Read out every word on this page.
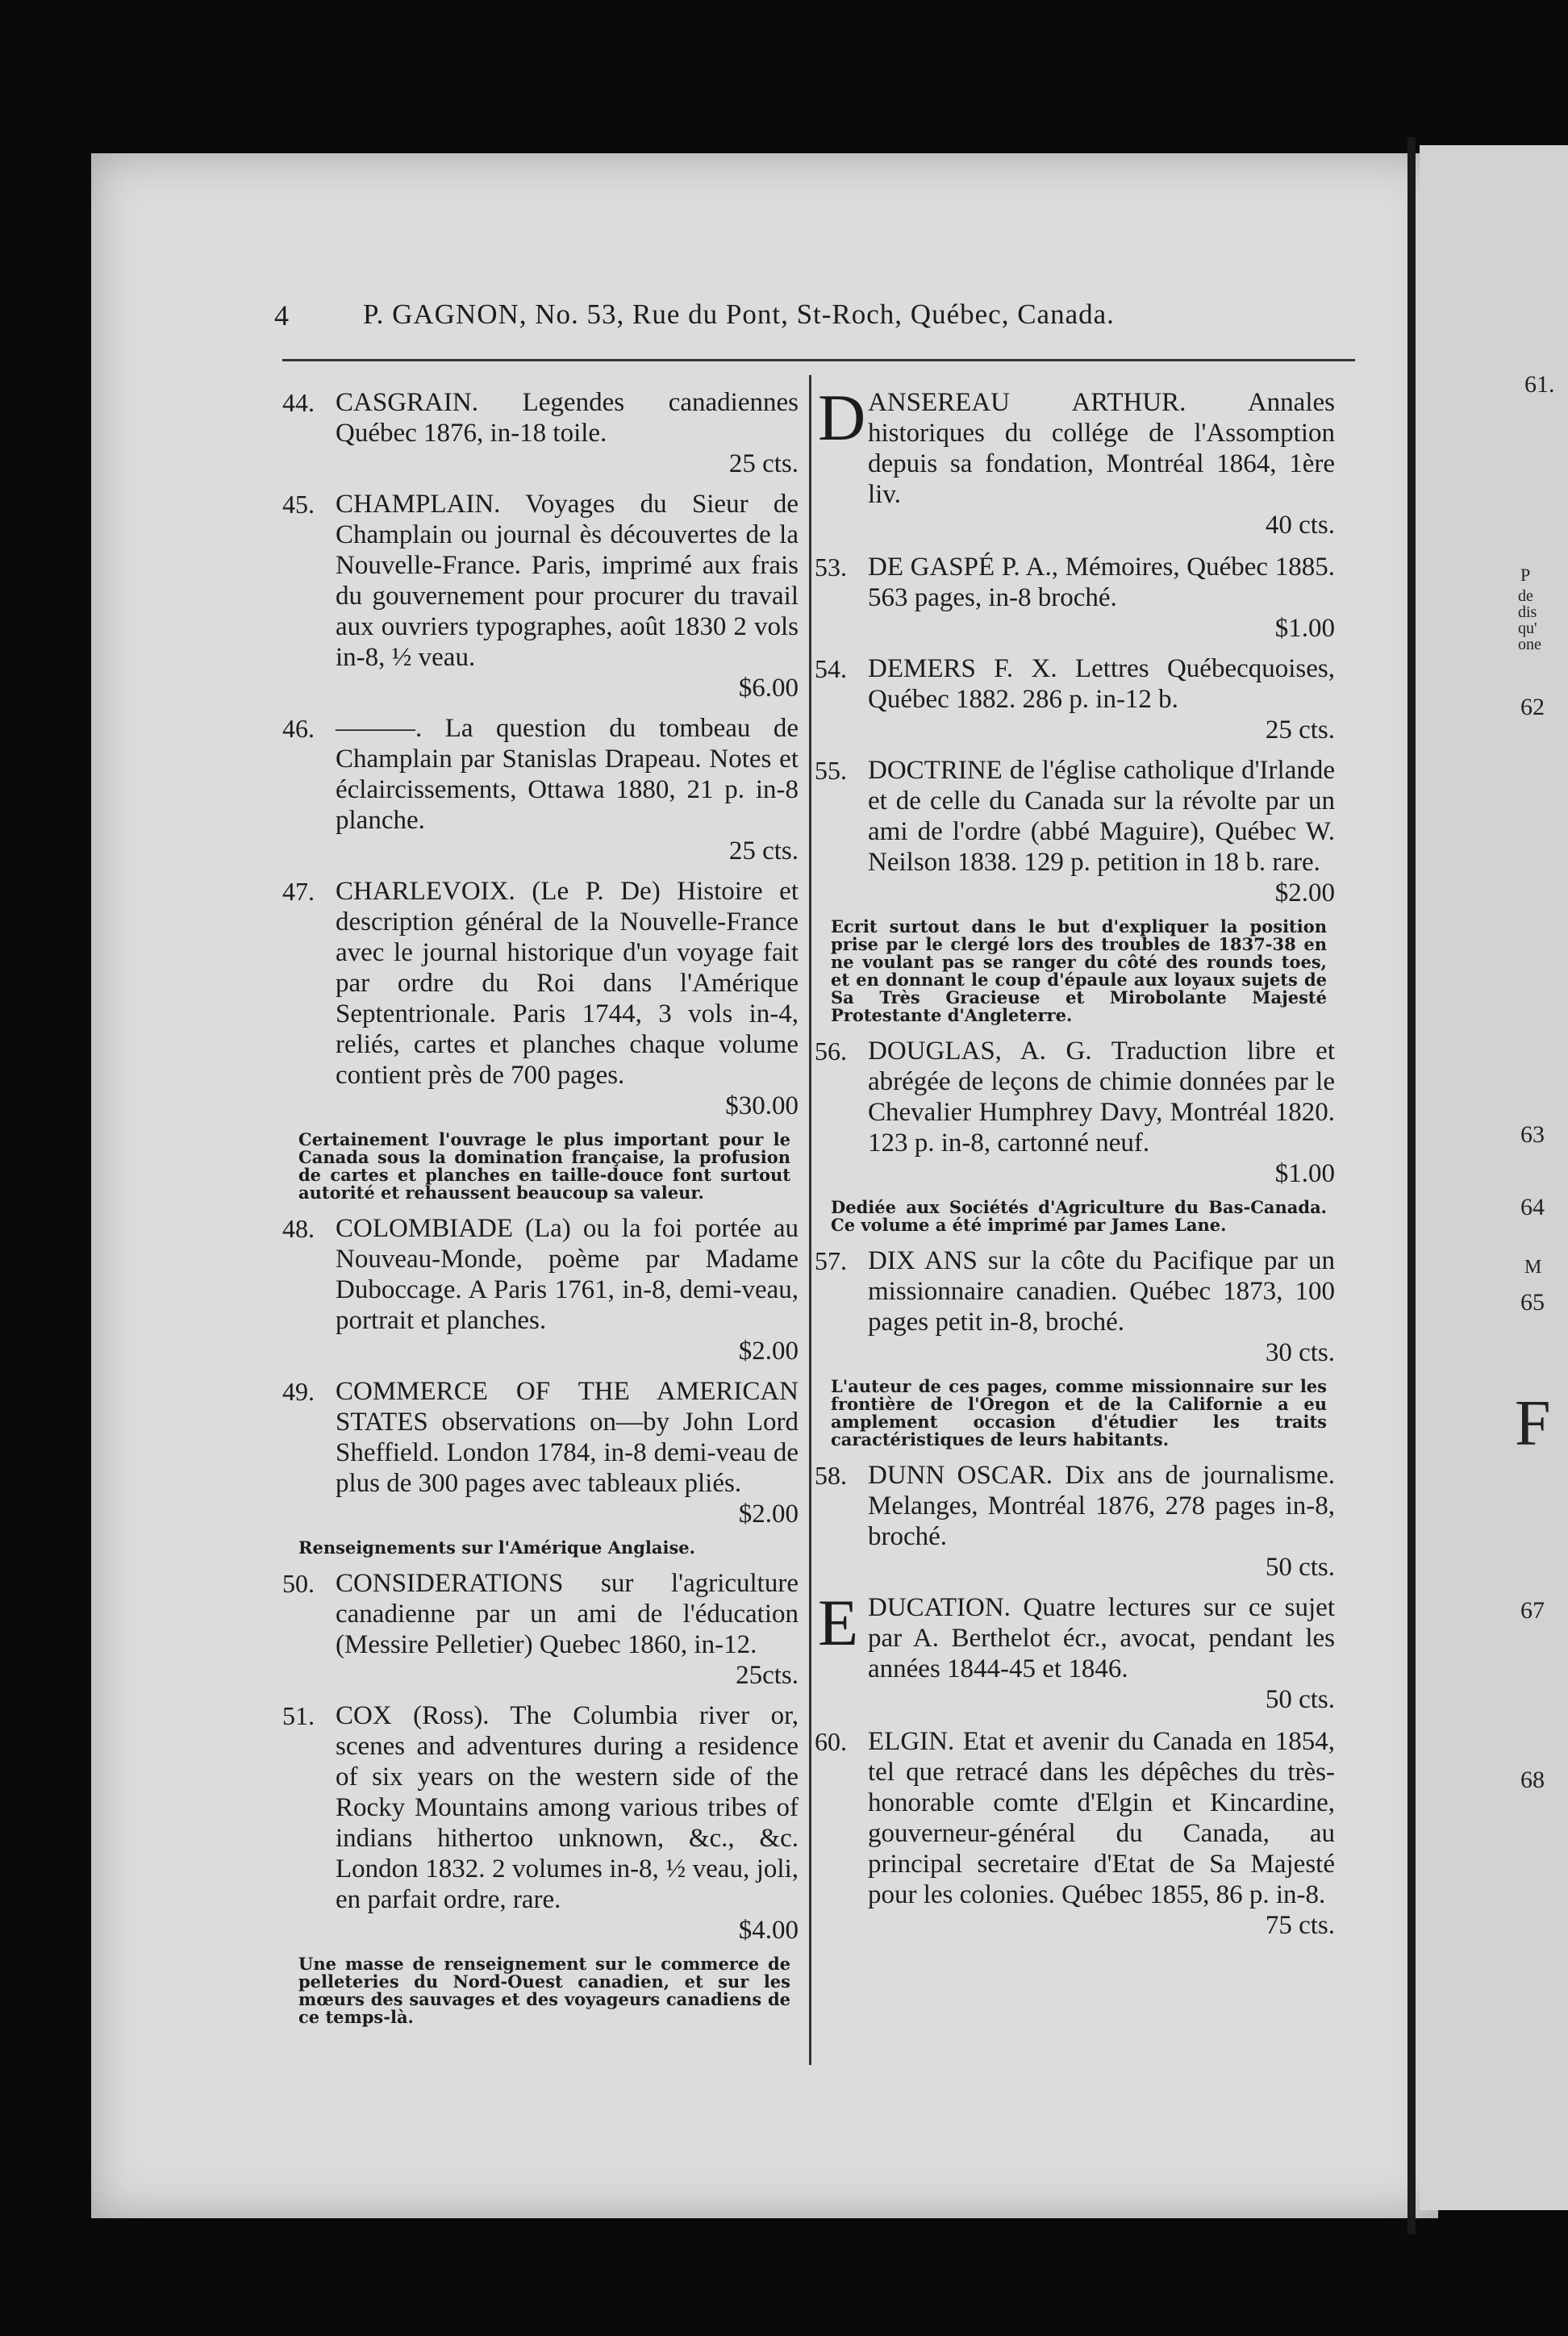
61.
P
de
dis
qu'
one
62
63
64
M
65
F
67
68
4	P. GAGNON, No. 53, Rue du Pont, St-Roch, Québec, Canada.
44. CASGRAIN. Legendes canadiennes Québec 1876, in-18 toile.
25 cts.
45. CHAMPLAIN. Voyages du Sieur de Champlain ou journal ès découvertes de la Nouvelle-France. Paris, imprimé aux frais du gouvernement pour procurer du travail aux ouvriers typographes, août 1830 2 vols in-8, ½ veau.
$6.00
46. ———. La question du tombeau de Champlain par Stanislas Drapeau. Notes et éclaircissements, Ottawa 1880, 21 p. in-8 planche.
25 cts.
47. CHARLEVOIX. (Le P. De) Histoire et description général de la Nouvelle-France avec le journal historique d'un voyage fait par ordre du Roi dans l'Amérique Septentrionale. Paris 1744, 3 vols in-4, reliés, cartes et planches chaque volume contient près de 700 pages.
$30.00
Certainement l'ouvrage le plus important pour le Canada sous la domination française, la profusion de cartes et planches en taille-douce font surtout autorité et rehaussent beaucoup sa valeur.
48. COLOMBIADE (La) ou la foi portée au Nouveau-Monde, poème par Madame Duboccage. A Paris 1761, in-8, demi-veau, portrait et planches.
$2.00
49. COMMERCE OF THE AMERICAN STATES observations on—by John Lord Sheffield. London 1784, in-8 demi-veau de plus de 300 pages avec tableaux pliés.
$2.00
Renseignements sur l'Amérique Anglaise.
50. CONSIDERATIONS sur l'agriculture canadienne par un ami de l'éducation (Messire Pelletier) Quebec 1860, in-12.
25cts.
51. COX (Ross). The Columbia river or, scenes and adventures during a residence of six years on the western side of the Rocky Mountains among various tribes of indians hithertoo unknown, &c., &c. London 1832. 2 volumes in-8, ½ veau, joli, en parfait ordre, rare.
$4.00
Une masse de renseignement sur le commerce de pelleteries du Nord-Ouest canadien, et sur les mœurs des sauvages et des voyageurs canadiens de ce temps-là.
D ANSEREAU ARTHUR. Annales historiques du collége de l'Assomption depuis sa fondation, Montréal 1864, 1ère liv.
40 cts.
53. DE GASPÉ P. A., Mémoires, Québec 1885. 563 pages, in-8 broché.
$1.00
54. DEMERS F. X. Lettres Québecquoises, Québec 1882. 286 p. in-12 b.
25 cts.
55. DOCTRINE de l'église catholique d'Irlande et de celle du Canada sur la révolte par un ami de l'ordre (abbé Maguire), Québec W. Neilson 1838. 129 p. petition in 18 b. rare.
$2.00
Ecrit surtout dans le but d'expliquer la position prise par le clergé lors des troubles de 1837-38 en ne voulant pas se ranger du côté des rounds toes, et en donnant le coup d'épaule aux loyaux sujets de Sa Très Gracieuse et Mirobolante Majesté Protestante d'Angleterre.
56. DOUGLAS, A. G. Traduction libre et abrégée de leçons de chimie données par le Chevalier Humphrey Davy, Montréal 1820. 123 p. in-8, cartonné neuf.
$1.00
Dediée aux Sociétés d'Agriculture du Bas-Canada. Ce volume a été imprimé par James Lane.
57. DIX ANS sur la côte du Pacifique par un missionnaire canadien. Québec 1873, 100 pages petit in-8, broché.
30 cts.
L'auteur de ces pages, comme missionnaire sur les frontière de l'Oregon et de la Californie a eu amplement occasion d'étudier les traits caractéristiques de leurs habitants.
58. DUNN OSCAR. Dix ans de journalisme. Melanges, Montréal 1876, 278 pages in-8, broché.
50 cts.
E DUCATION. Quatre lectures sur ce sujet par A. Berthelot écr., avocat, pendant les années 1844-45 et 1846.
50 cts.
60. ELGIN. Etat et avenir du Canada en 1854, tel que retracé dans les dépêches du très-honorable comte d'Elgin et Kincardine, gouverneur-général du Canada, au principal secretaire d'Etat de Sa Majesté pour les colonies. Québec 1855, 86 p. in-8.
75 cts.
